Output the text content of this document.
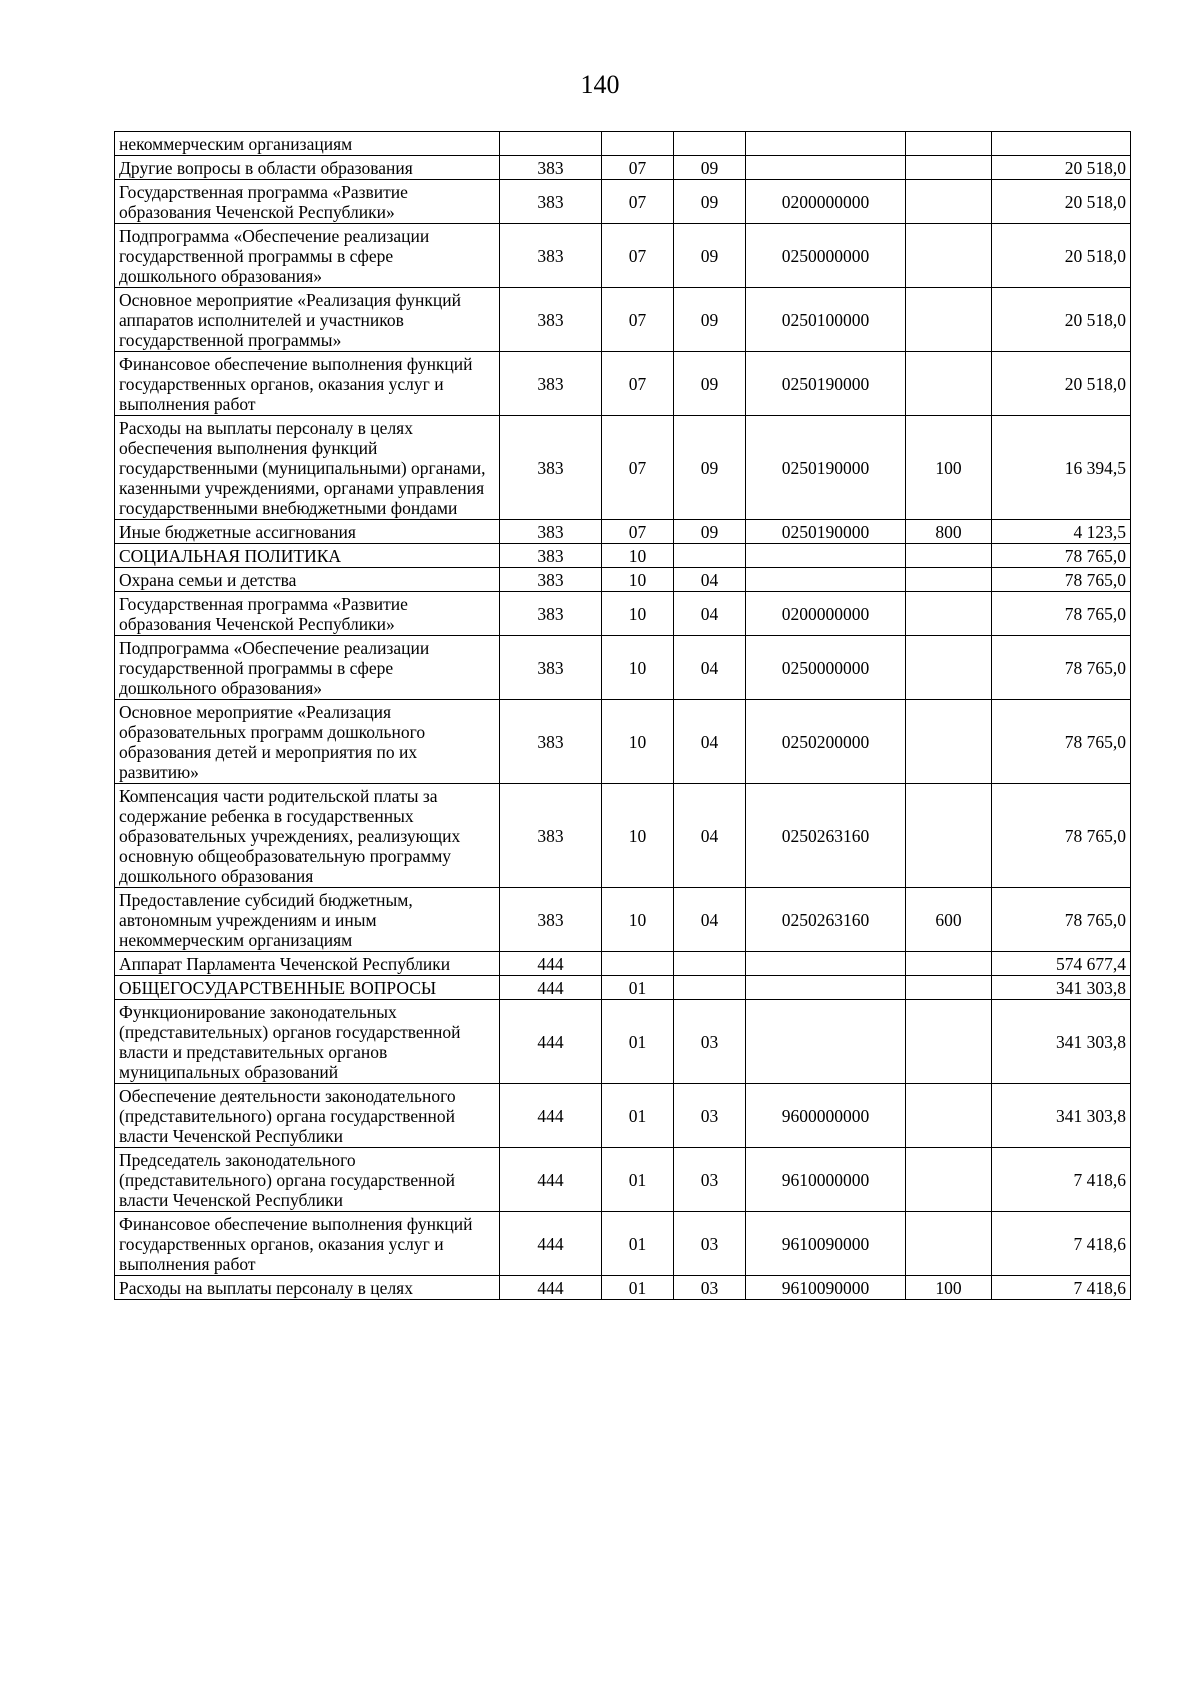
140
некоммерческим организациям						
Другие вопросы в области образования	383	07	09			20 518,0
Государственная программа «Развитие образования Чеченской Республики»	383	07	09	0200000000		20 518,0
Подпрограмма «Обеспечение реализации государственной программы в сфере дошкольного образования»	383	07	09	0250000000		20 518,0
Основное мероприятие «Реализация функций аппаратов исполнителей и участников государственной программы»	383	07	09	0250100000		20 518,0
Финансовое обеспечение выполнения функций государственных органов, оказания услуг и выполнения работ	383	07	09	0250190000		20 518,0
Расходы на выплаты персоналу в целях обеспечения выполнения функций государственными (муниципальными) органами, казенными учреждениями, органами управления государственными внебюджетными фондами	383	07	09	0250190000	100	16 394,5
Иные бюджетные ассигнования	383	07	09	0250190000	800	4 123,5
СОЦИАЛЬНАЯ ПОЛИТИКА	383	10				78 765,0
Охрана семьи и детства	383	10	04			78 765,0
Государственная программа «Развитие образования Чеченской Республики»	383	10	04	0200000000		78 765,0
Подпрограмма «Обеспечение реализации государственной программы в сфере дошкольного образования»	383	10	04	0250000000		78 765,0
Основное мероприятие «Реализация образовательных программ дошкольного образования детей и мероприятия по их развитию»	383	10	04	0250200000		78 765,0
Компенсация части родительской платы за содержание ребенка в государственных образовательных учреждениях, реализующих основную общеобразовательную программу дошкольного образования	383	10	04	0250263160		78 765,0
Предоставление субсидий бюджетным, автономным учреждениям и иным некоммерческим организациям	383	10	04	0250263160	600	78 765,0
Аппарат Парламента Чеченской Республики	444					574 677,4
ОБЩЕГОСУДАРСТВЕННЫЕ ВОПРОСЫ	444	01				341 303,8
Функционирование законодательных (представительных) органов государственной власти и представительных органов муниципальных образований	444	01	03			341 303,8
Обеспечение деятельности законодательного (представительного) органа государственной власти Чеченской Республики	444	01	03	9600000000		341 303,8
Председатель законодательного (представительного) органа государственной власти Чеченской Республики	444	01	03	9610000000		7 418,6
Финансовое обеспечение выполнения функций государственных органов, оказания услуг и выполнения работ	444	01	03	9610090000		7 418,6
Расходы на выплаты персоналу в целях	444	01	03	9610090000	100	7 418,6
